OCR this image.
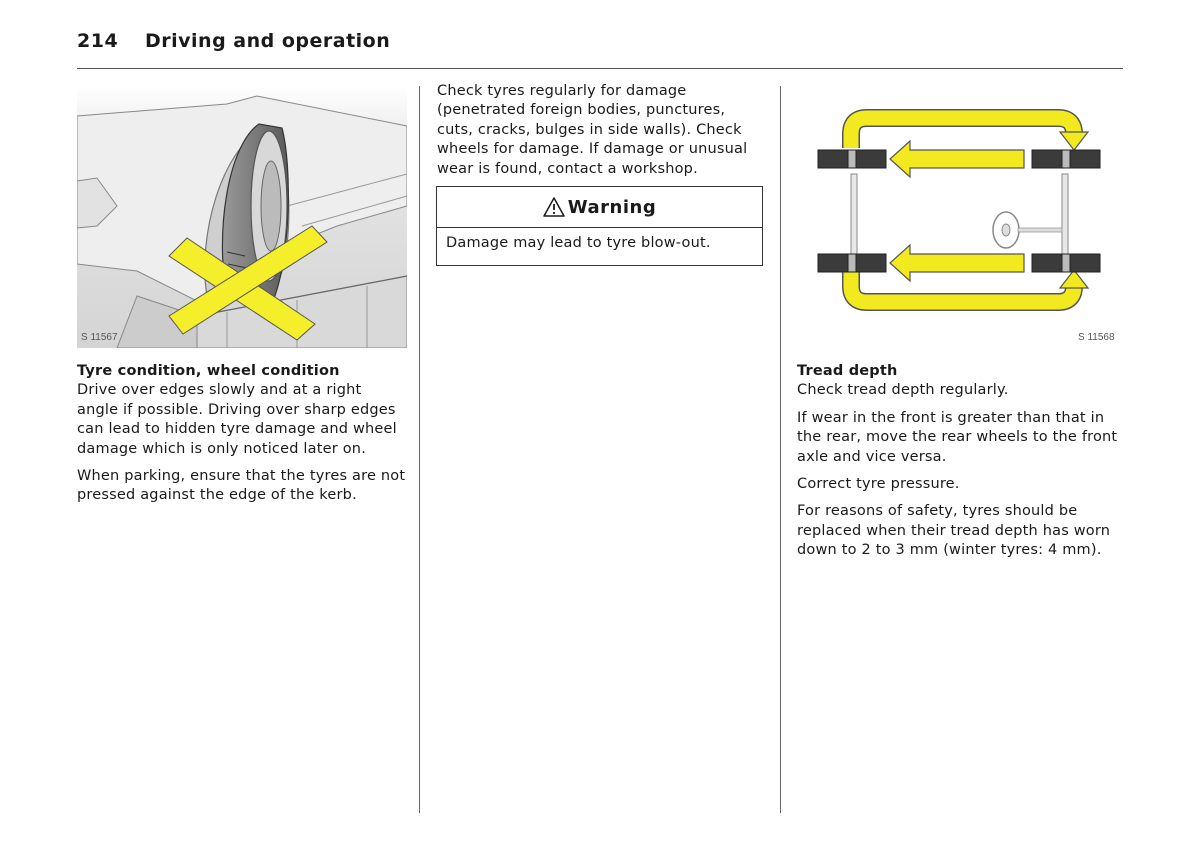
214 Driving and operation
S 11567
Tyre condition, wheel condition

Drive over edges slowly and at a right angle if possible. Driving over sharp edges can lead to hidden tyre damage and wheel damage which is only noticed later on.

When parking, ensure that the tyres are not pressed against the edge of the kerb.

Check tyres regularly for damage (penetrated foreign bodies, punctures, cuts, cracks, bulges in side walls). Check wheels for damage. If damage or unusual wear is found, contact a workshop.

Warning
Damage may lead to tyre blow-out.
S 11568
Tread depth

Check tread depth regularly.

If wear in the front is greater than that in the rear, move the rear wheels to the front axle and vice versa.

Correct tyre pressure.

For reasons of safety, tyres should be replaced when their tread depth has worn down to 2 to 3 mm (winter tyres: 4 mm).
